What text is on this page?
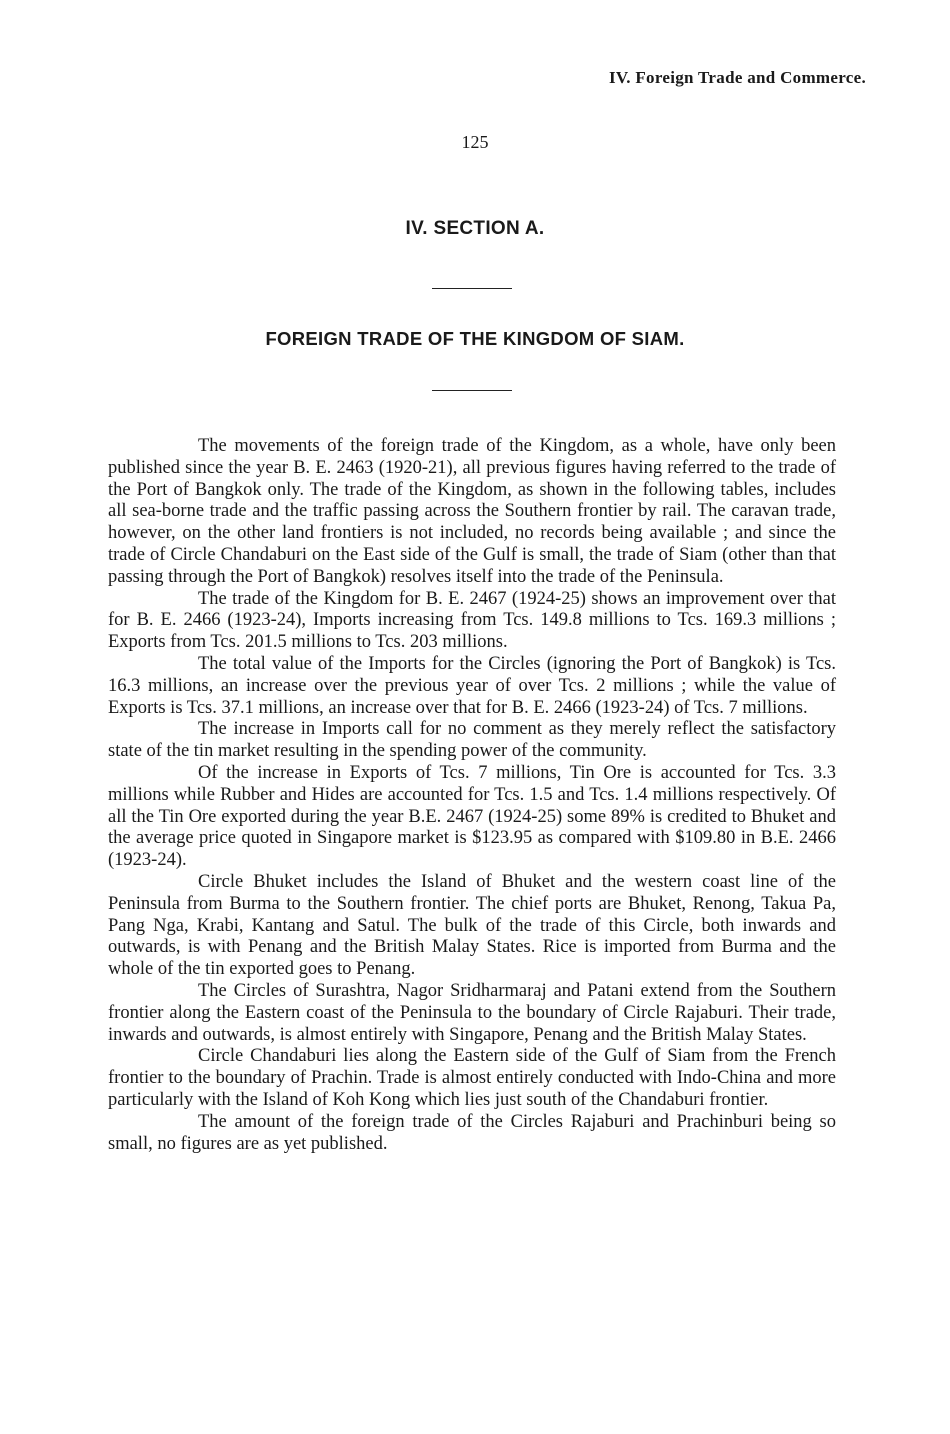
IV. Foreign Trade and Commerce.
125
IV. SECTION A.
FOREIGN TRADE OF THE KINGDOM OF SIAM.

The movements of the foreign trade of the Kingdom, as a whole, have only been published since the year B. E. 2463 (1920-21), all previous figures having referred to the trade of the Port of Bangkok only. The trade of the Kingdom, as shown in the following tables, includes all sea-borne trade and the traffic passing across the Southern frontier by rail. The caravan trade, however, on the other land frontiers is not included, no records being available ; and since the trade of Circle Chandaburi on the East side of the Gulf is small, the trade of Siam (other than that passing through the Port of Bangkok) resolves itself into the trade of the Peninsula.

The trade of the Kingdom for B. E. 2467 (1924-25) shows an improvement over that for B. E. 2466 (1923-24), Imports increasing from Tcs. 149.8 millions to Tcs. 169.3 millions ; Exports from Tcs. 201.5 millions to Tcs. 203 millions.

The total value of the Imports for the Circles (ignoring the Port of Bangkok) is Tcs. 16.3 millions, an increase over the previous year of over Tcs. 2 millions ; while the value of Exports is Tcs. 37.1 millions, an increase over that for B. E. 2466 (1923-24) of Tcs. 7 millions.

The increase in Imports call for no comment as they merely reflect the satisfactory state of the tin market resulting in the spending power of the community.

Of the increase in Exports of Tcs. 7 millions, Tin Ore is accounted for Tcs. 3.3 millions while Rubber and Hides are accounted for Tcs. 1.5 and Tcs. 1.4 millions respectively. Of all the Tin Ore exported during the year B.E. 2467 (1924-25) some 89% is credited to Bhuket and the average price quoted in Singapore market is $123.95 as compared with $109.80 in B.E. 2466 (1923-24).

Circle Bhuket includes the Island of Bhuket and the western coast line of the Peninsula from Burma to the Southern frontier. The chief ports are Bhuket, Renong, Takua Pa, Pang Nga, Krabi, Kantang and Satul. The bulk of the trade of this Circle, both inwards and outwards, is with Penang and the British Malay States. Rice is imported from Burma and the whole of the tin exported goes to Penang.

The Circles of Surashtra, Nagor Sridharmaraj and Patani extend from the Southern frontier along the Eastern coast of the Peninsula to the boundary of Circle Rajaburi. Their trade, inwards and outwards, is almost entirely with Singapore, Penang and the British Malay States.

Circle Chandaburi lies along the Eastern side of the Gulf of Siam from the French frontier to the boundary of Prachin. Trade is almost entirely conducted with Indo-China and more particularly with the Island of Koh Kong which lies just south of the Chandaburi frontier.

The amount of the foreign trade of the Circles Rajaburi and Prachinburi being so small, no figures are as yet published.
